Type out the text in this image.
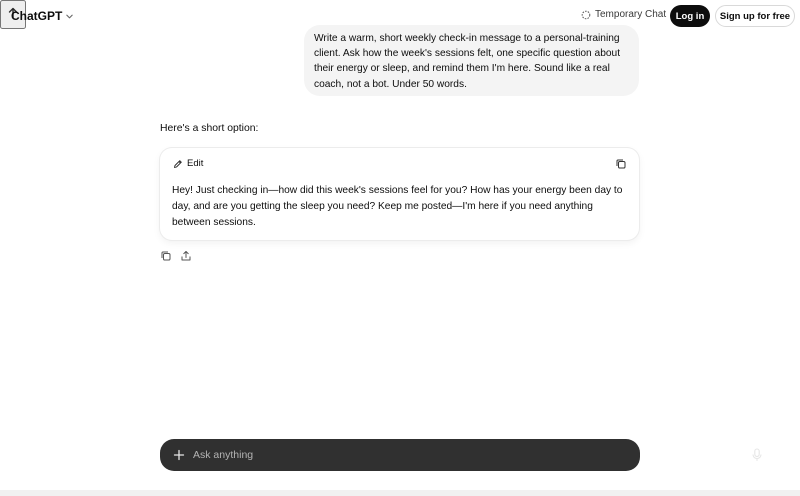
ChatGPT	Temporary Chat	Log in	Sign up for free
Write a warm, short weekly check-in message to a personal-training client. Ask how the week's sessions felt, one specific question about their energy or sleep, and remind them I'm here. Sound like a real coach, not a bot. Under 50 words.
Here's a short option:
Edit
Hey! Just checking in—how did this week's sessions feel for you? How has your energy been day to day, and are you getting the sleep you need? Keep me posted—I'm here if you need anything between sessions.
Ask anything
